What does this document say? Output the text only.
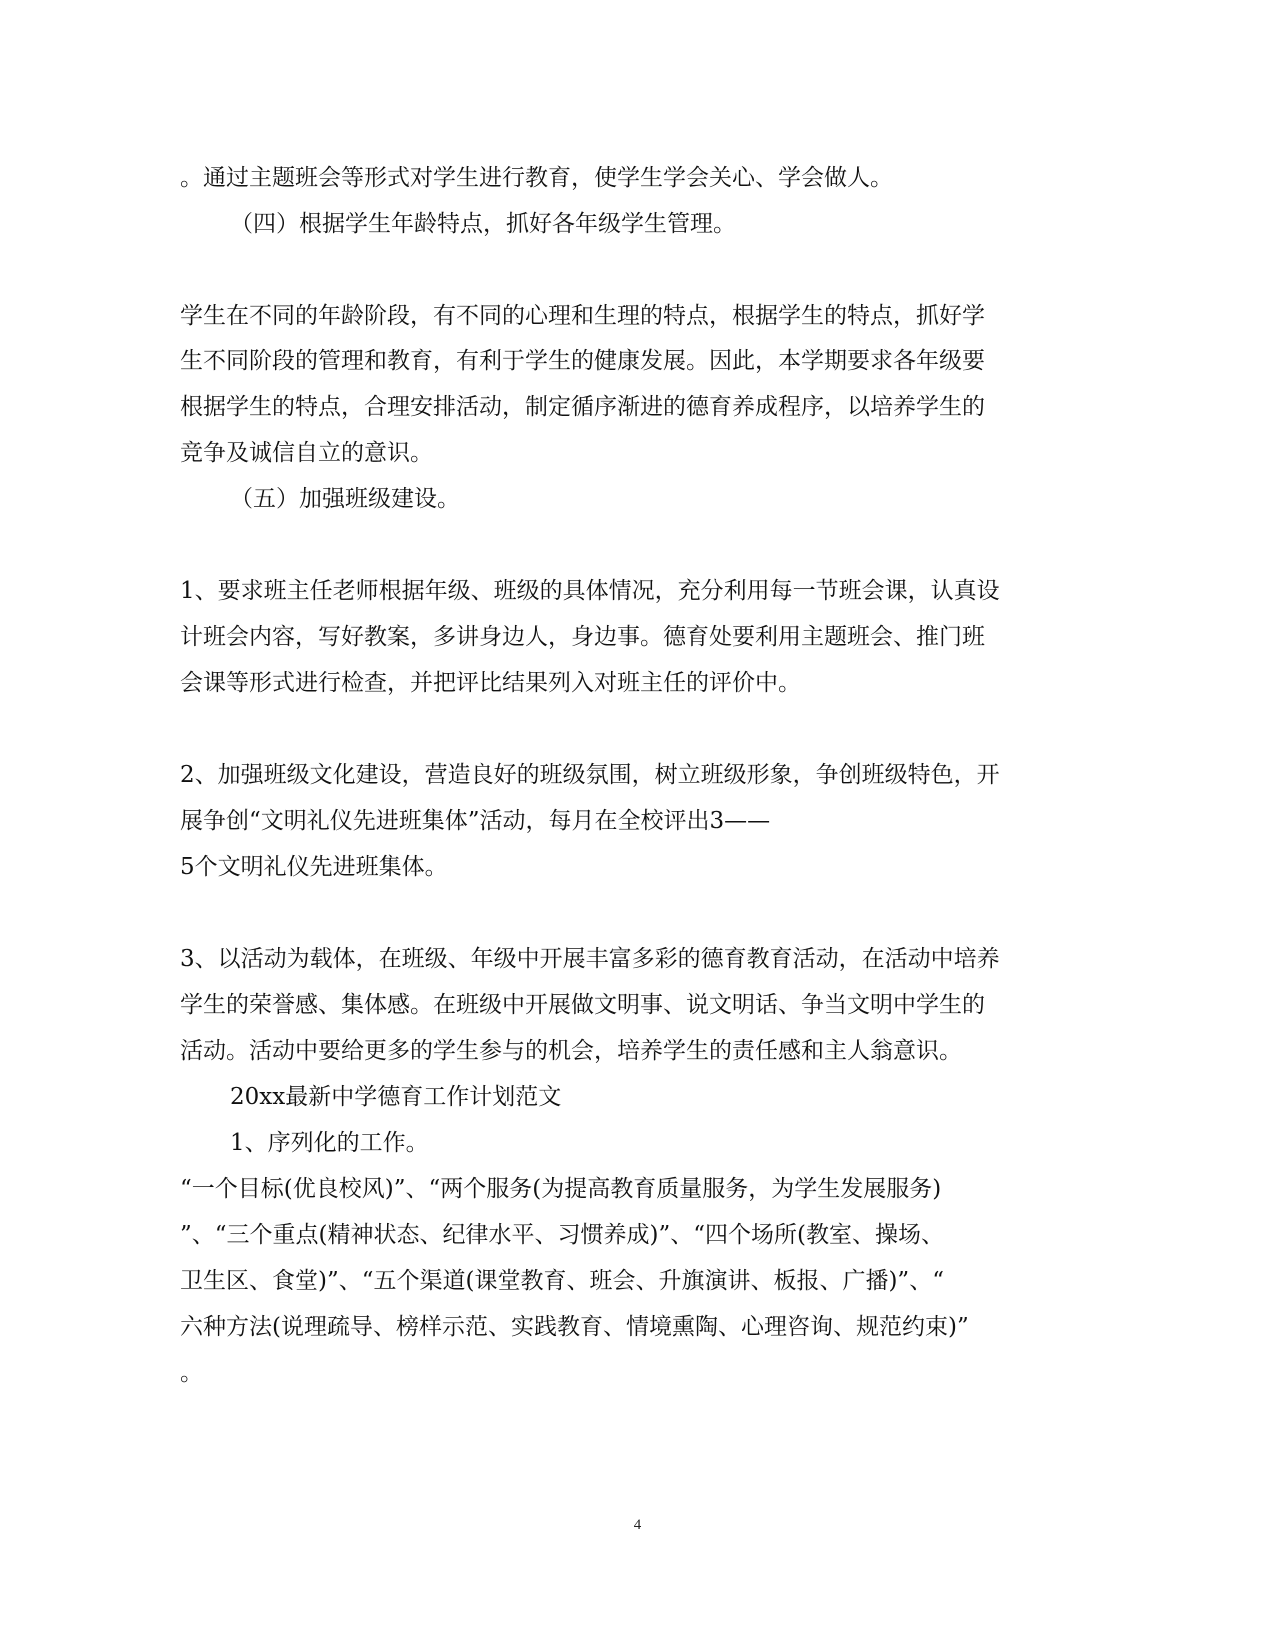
。通过主题班会等形式对学生进行教育，使学生学会关心、学会做人。
（四）根据学生年龄特点，抓好各年级学生管理。
学生在不同的年龄阶段，有不同的心理和生理的特点，根据学生的特点，抓好学
生不同阶段的管理和教育，有利于学生的健康发展。因此，本学期要求各年级要
根据学生的特点，合理安排活动，制定循序渐进的德育养成程序，以培养学生的
竞争及诚信自立的意识。
（五）加强班级建设。
1、要求班主任老师根据年级、班级的具体情况，充分利用每一节班会课，认真设
计班会内容，写好教案，多讲身边人，身边事。德育处要利用主题班会、推门班
会课等形式进行检查，并把评比结果列入对班主任的评价中。
2、加强班级文化建设，营造良好的班级氛围，树立班级形象，争创班级特色，开
展争创“文明礼仪先进班集体”活动，每月在全校评出3——
5个文明礼仪先进班集体。
3、以活动为载体，在班级、年级中开展丰富多彩的德育教育活动，在活动中培养
学生的荣誉感、集体感。在班级中开展做文明事、说文明话、争当文明中学生的
活动。活动中要给更多的学生参与的机会，培养学生的责任感和主人翁意识。
20xx最新中学德育工作计划范文
1、序列化的工作。
“一个目标(优良校风)”、“两个服务(为提高教育质量服务，为学生发展服务)
”、“三个重点(精神状态、纪律水平、习惯养成)”、“四个场所(教室、操场、
卫生区、食堂)”、“五个渠道(课堂教育、班会、升旗演讲、板报、广播)”、“
六种方法(说理疏导、榜样示范、实践教育、情境熏陶、心理咨询、规范约束)”
。
4
